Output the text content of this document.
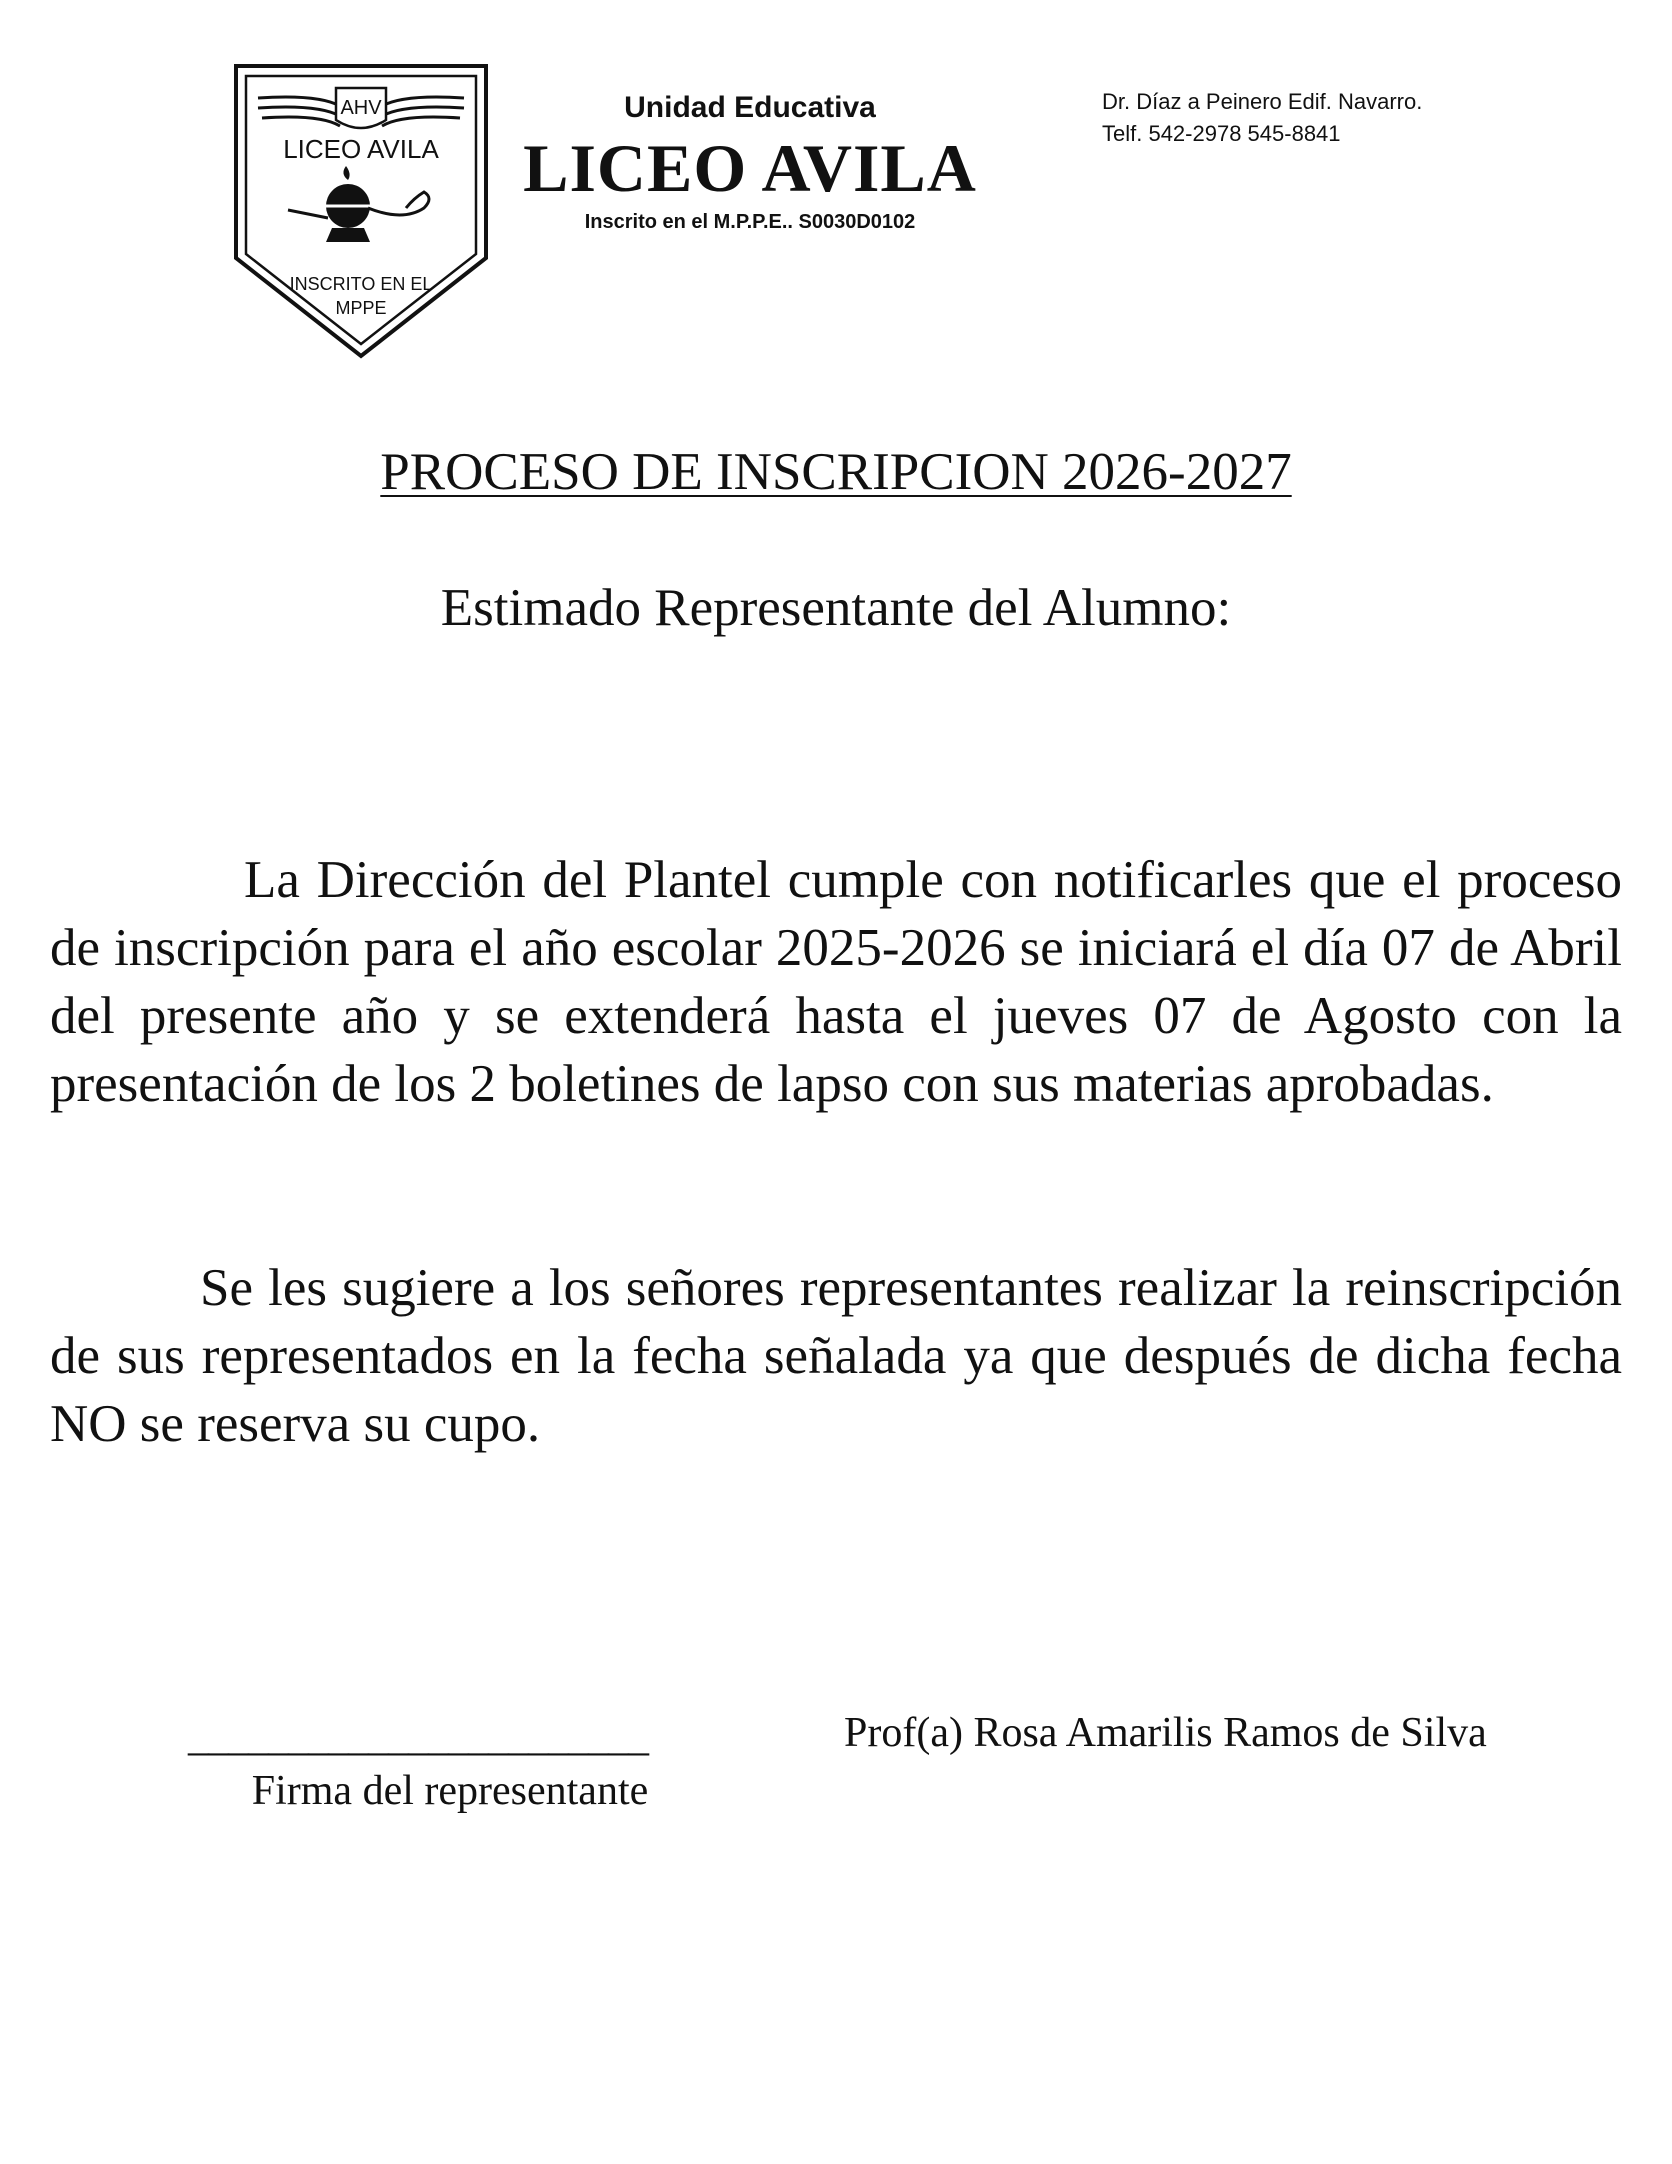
AHV
LICEO AVILA
INSCRITO EN EL
MPPE

Unidad Educativa

LICEO AVILA

Inscrito en el M.P.P.E.. S0030D0102

Dr. Díaz a Peinero Edif. Navarro.
Telf. 542-2978 545-8841
PROCESO DE INSCRIPCION 2026-2027
Estimado Representante del Alumno:

La Dirección del Plantel cumple con notificarles que el proceso de inscripción para el año escolar 2025-2026 se iniciará el día 07 de Abril del presente año y se extenderá hasta el jueves 07 de Agosto con la presentación de los 2 boletines de lapso con sus materias aprobadas.

Se les sugiere a los señores representantes realizar la reinscripción de sus representados en la fecha señalada ya que después de dicha fecha NO se reserva su cupo.

_______________________
Firma del representante
Prof(a) Rosa Amarilis Ramos de Silva
